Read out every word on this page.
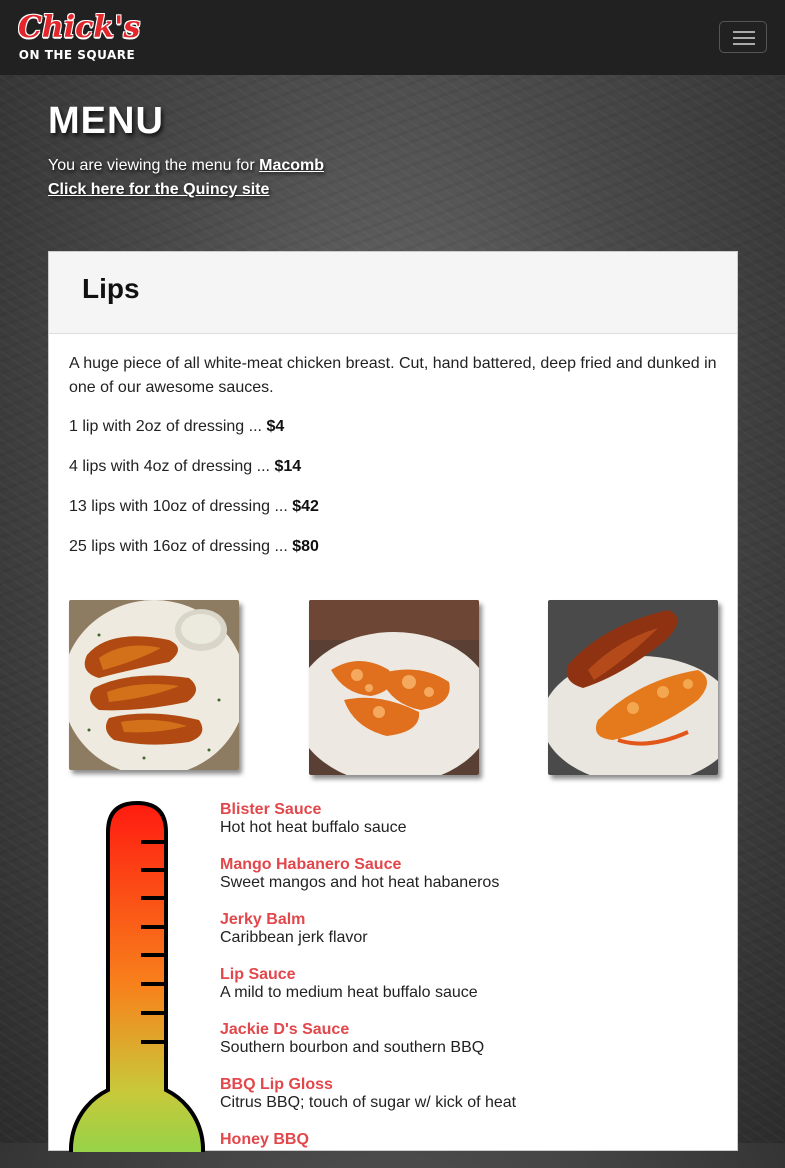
Chick's
ON THE SQUARE
MENU
You are viewing the menu for Macomb
Click here for the Quincy site
Lips

A huge piece of all white-meat chicken breast. Cut, hand battered, deep fried and dunked in one of our awesome sauces.

1 lip with 2oz of dressing ... $4
4 lips with 4oz of dressing ... $14
13 lips with 10oz of dressing ... $42
25 lips with 16oz of dressing ... $80
Blister Sauce
Hot hot heat buffalo sauce
Mango Habanero Sauce
Sweet mangos and hot heat habaneros
Jerky Balm
Caribbean jerk flavor
Lip Sauce
A mild to medium heat buffalo sauce
Jackie D's Sauce
Southern bourbon and southern BBQ
BBQ Lip Gloss
Citrus BBQ; touch of sugar w/ kick of heat
Honey BBQ
